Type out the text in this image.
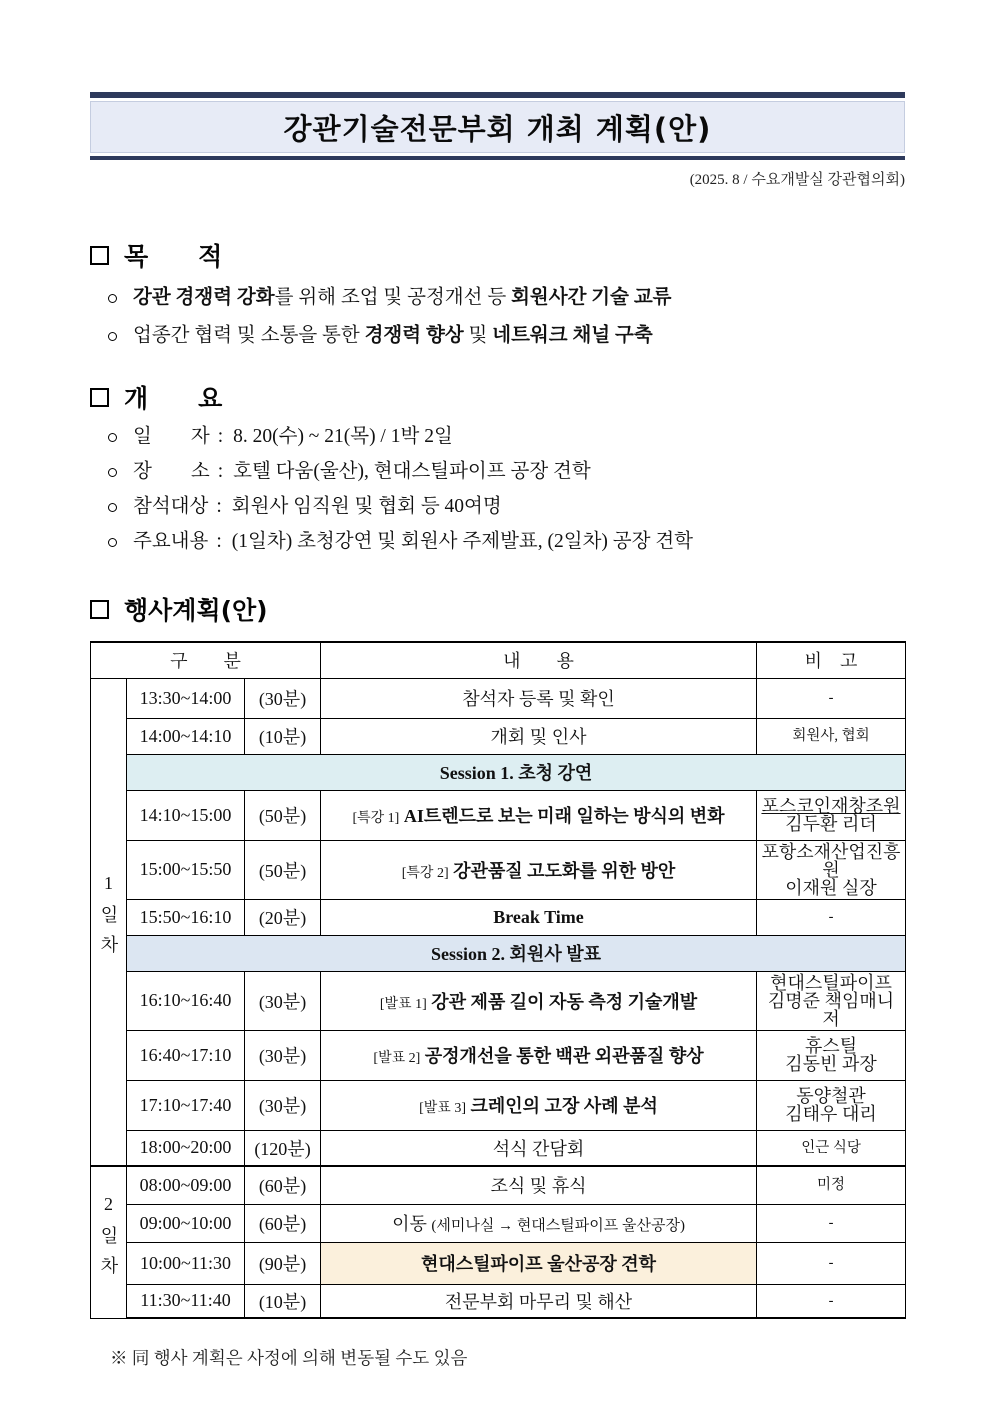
강관기술전문부회 개최 계획(안)
(2025. 8 / 수요개발실 강관협의회)
목　　적
강관 경쟁력 강화를 위해 조업 및 공정개선 등 회원사간 기술 교류
업종간 협력 및 소통을 통한 경쟁력 향상 및 네트워크 채널 구축
개　　요
일　　자 : 8. 20(수) ~ 21(목) / 1박 2일
장　　소 : 호텔 다움(울산), 현대스틸파이프 공장 견학
참석대상 : 회원사 임직원 및 협회 등 40여명
주요내용 : (1일차) 초청강연 및 회원사 주제발표, (2일차) 공장 견학
행사계획(안)
구　　분			내　　용	비　고
1일차	13:30~14:00	(30분)	참석자 등록 및 확인	-
	14:00~14:10	(10분)	개회 및 인사	회원사, 협회
	Session 1. 초청 강연			
	14:10~15:00	(50분)	[특강 1] AI트렌드로 보는 미래 일하는 방식의 변화	포스코인재창조원
김두환 리더

	15:00~15:50	(50분)	[특강 2] 강관품질 고도화를 위한 방안	포항소재산업진흥원
이재원 실장

	15:50~16:10	(20분)	Break Time	-
	Session 2. 회원사 발표			
	16:10~16:40	(30분)	[발표 1] 강관 제품 길이 자동 측정 기술개발	현대스틸파이프
김명준 책임매니저

	16:40~17:10	(30분)	[발표 2] 공정개선을 통한 백관 외관품질 향상	휴스틸
김동빈 과장

	17:10~17:40	(30분)	[발표 3] 크레인의 고장 사례 분석	동양철관
김태우 대리

	18:00~20:00	(120분)	석식 간담회	인근 식당
2일차	08:00~09:00	(60분)	조식 및 휴식	미정
	09:00~10:00	(60분)	이동 (세미나실 → 현대스틸파이프 울산공장)	-
	10:00~11:30	(90분)	현대스틸파이프 울산공장 견학	-
	11:30~11:40	(10분)	전문부회 마무리 및 해산	-
※ 同 행사 계획은 사정에 의해 변동될 수도 있음
